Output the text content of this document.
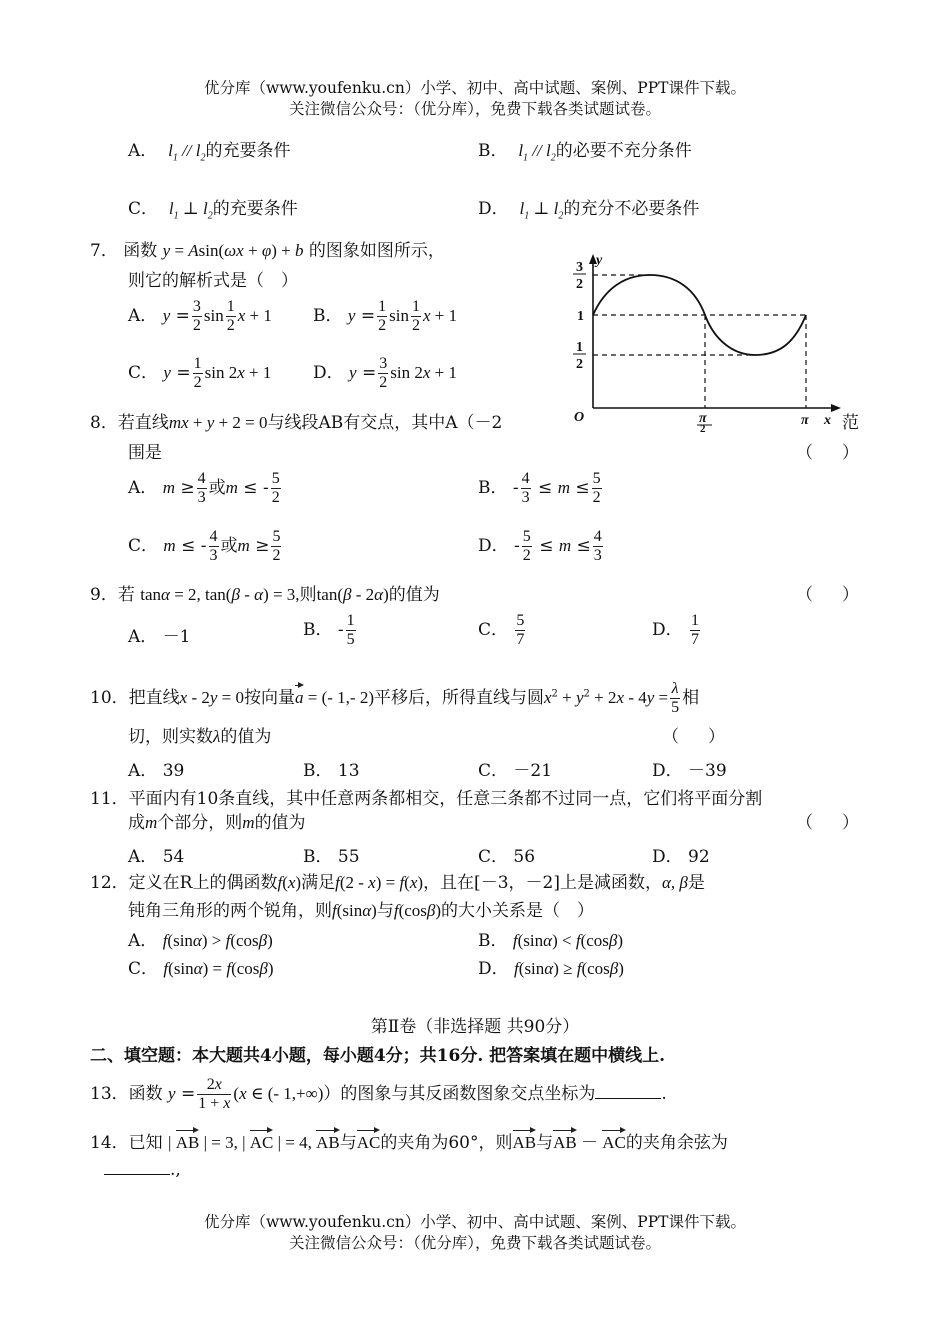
优分库（www.youfenku.cn）小学、初中、高中试题、案例、PPT课件下载。
关注微信公众号：（优分库），免费下载各类试题试卷。
A． $l_1 // l_2$的充要条件	B． $l_1 // l_2$的必要不充分条件
C． $l_1$ ⊥ $l_2$的充要条件	D． $l_1$ ⊥ $l_2$的充分不必要条件
7． 函数 y = Asin(ωx + φ) + b 的图象如图所示，
则它的解析式是（　）
A． $y = \frac{3}{2}$ $\sin \frac{1}{2}$ x + 1 B． $y = \frac{1}{2}$ $\sin \frac{1}{2}$ x + 1
C． $y = \frac{1}{2}$ sin 2x + 1 D． $y = \frac{3}{2}$ sin 2x + 1
y
x
O
3
2
1
1
2
π
2
π
8．若直线mx + y + 2 = 0与线段AB有交点，其中A（－2	范
围是	（　）
A． $m \ge \frac{4}{3}$ 或m ≤ - $\frac{5}{2}$	B． - $\frac{4}{3} \le m \le \frac{5}{2}$
C． m ≤ - $\frac{4}{3}$ 或$m \ge \frac{5}{2}$	D． - $\frac{5}{2} \le m \le \frac{4}{3}$
9．若 tanα = 2, tan(β - α) = 3,则tan(β - 2α)的值为	（　）
A． －1	B． - $\frac{1}{5}$	C． $\frac{5}{7}$	D． $\frac{1}{7}$
10．把直线x - 2y = 0按向量a = (- 1,- 2)平移后，所得直线与圆$x^2 + y^2 + 2x - 4y = \frac{\lambda}{5}$ 相
切，则实数λ的值为	（　）
A． 39	B． 13	C． －21	D． －39
11．平面内有10条直线，其中任意两条都相交，任意三条都不过同一点，它们将平面分割
成m个部分，则m的值为	（　）
A． 54	B． 55	C． 56	D． 92
12．定义在R上的偶函数f(x)满足f(2 - x) = f(x)，且在[－3，－2]上是减函数，α, β是
钝角三角形的两个锐角，则f(sinα)与f(cosβ)的大小关系是（　）
A． f(sinα) > f(cosβ)	B． f(sinα) < f(cosβ)
C． f(sinα) = f(cosβ)	D． f(sinα) ≥ f(cosβ)
第Ⅱ卷（非选择题 共90分）
二、填空题：本大题共4小题，每小题4分；共16分. 把答案填在题中横线上.
13．函数 $y = \frac{2x}{1 + x} (x$ ∈ (- 1,+∞)）的图象与其反函数图象交点坐标为	.
14．已知 | AB | = 3, | AC | = 4, AB与AC的夹角为60°，则AB与AB － AC的夹角余弦为
.,
优分库（www.youfenku.cn）小学、初中、高中试题、案例、PPT课件下载。
关注微信公众号：（优分库），免费下载各类试题试卷。
